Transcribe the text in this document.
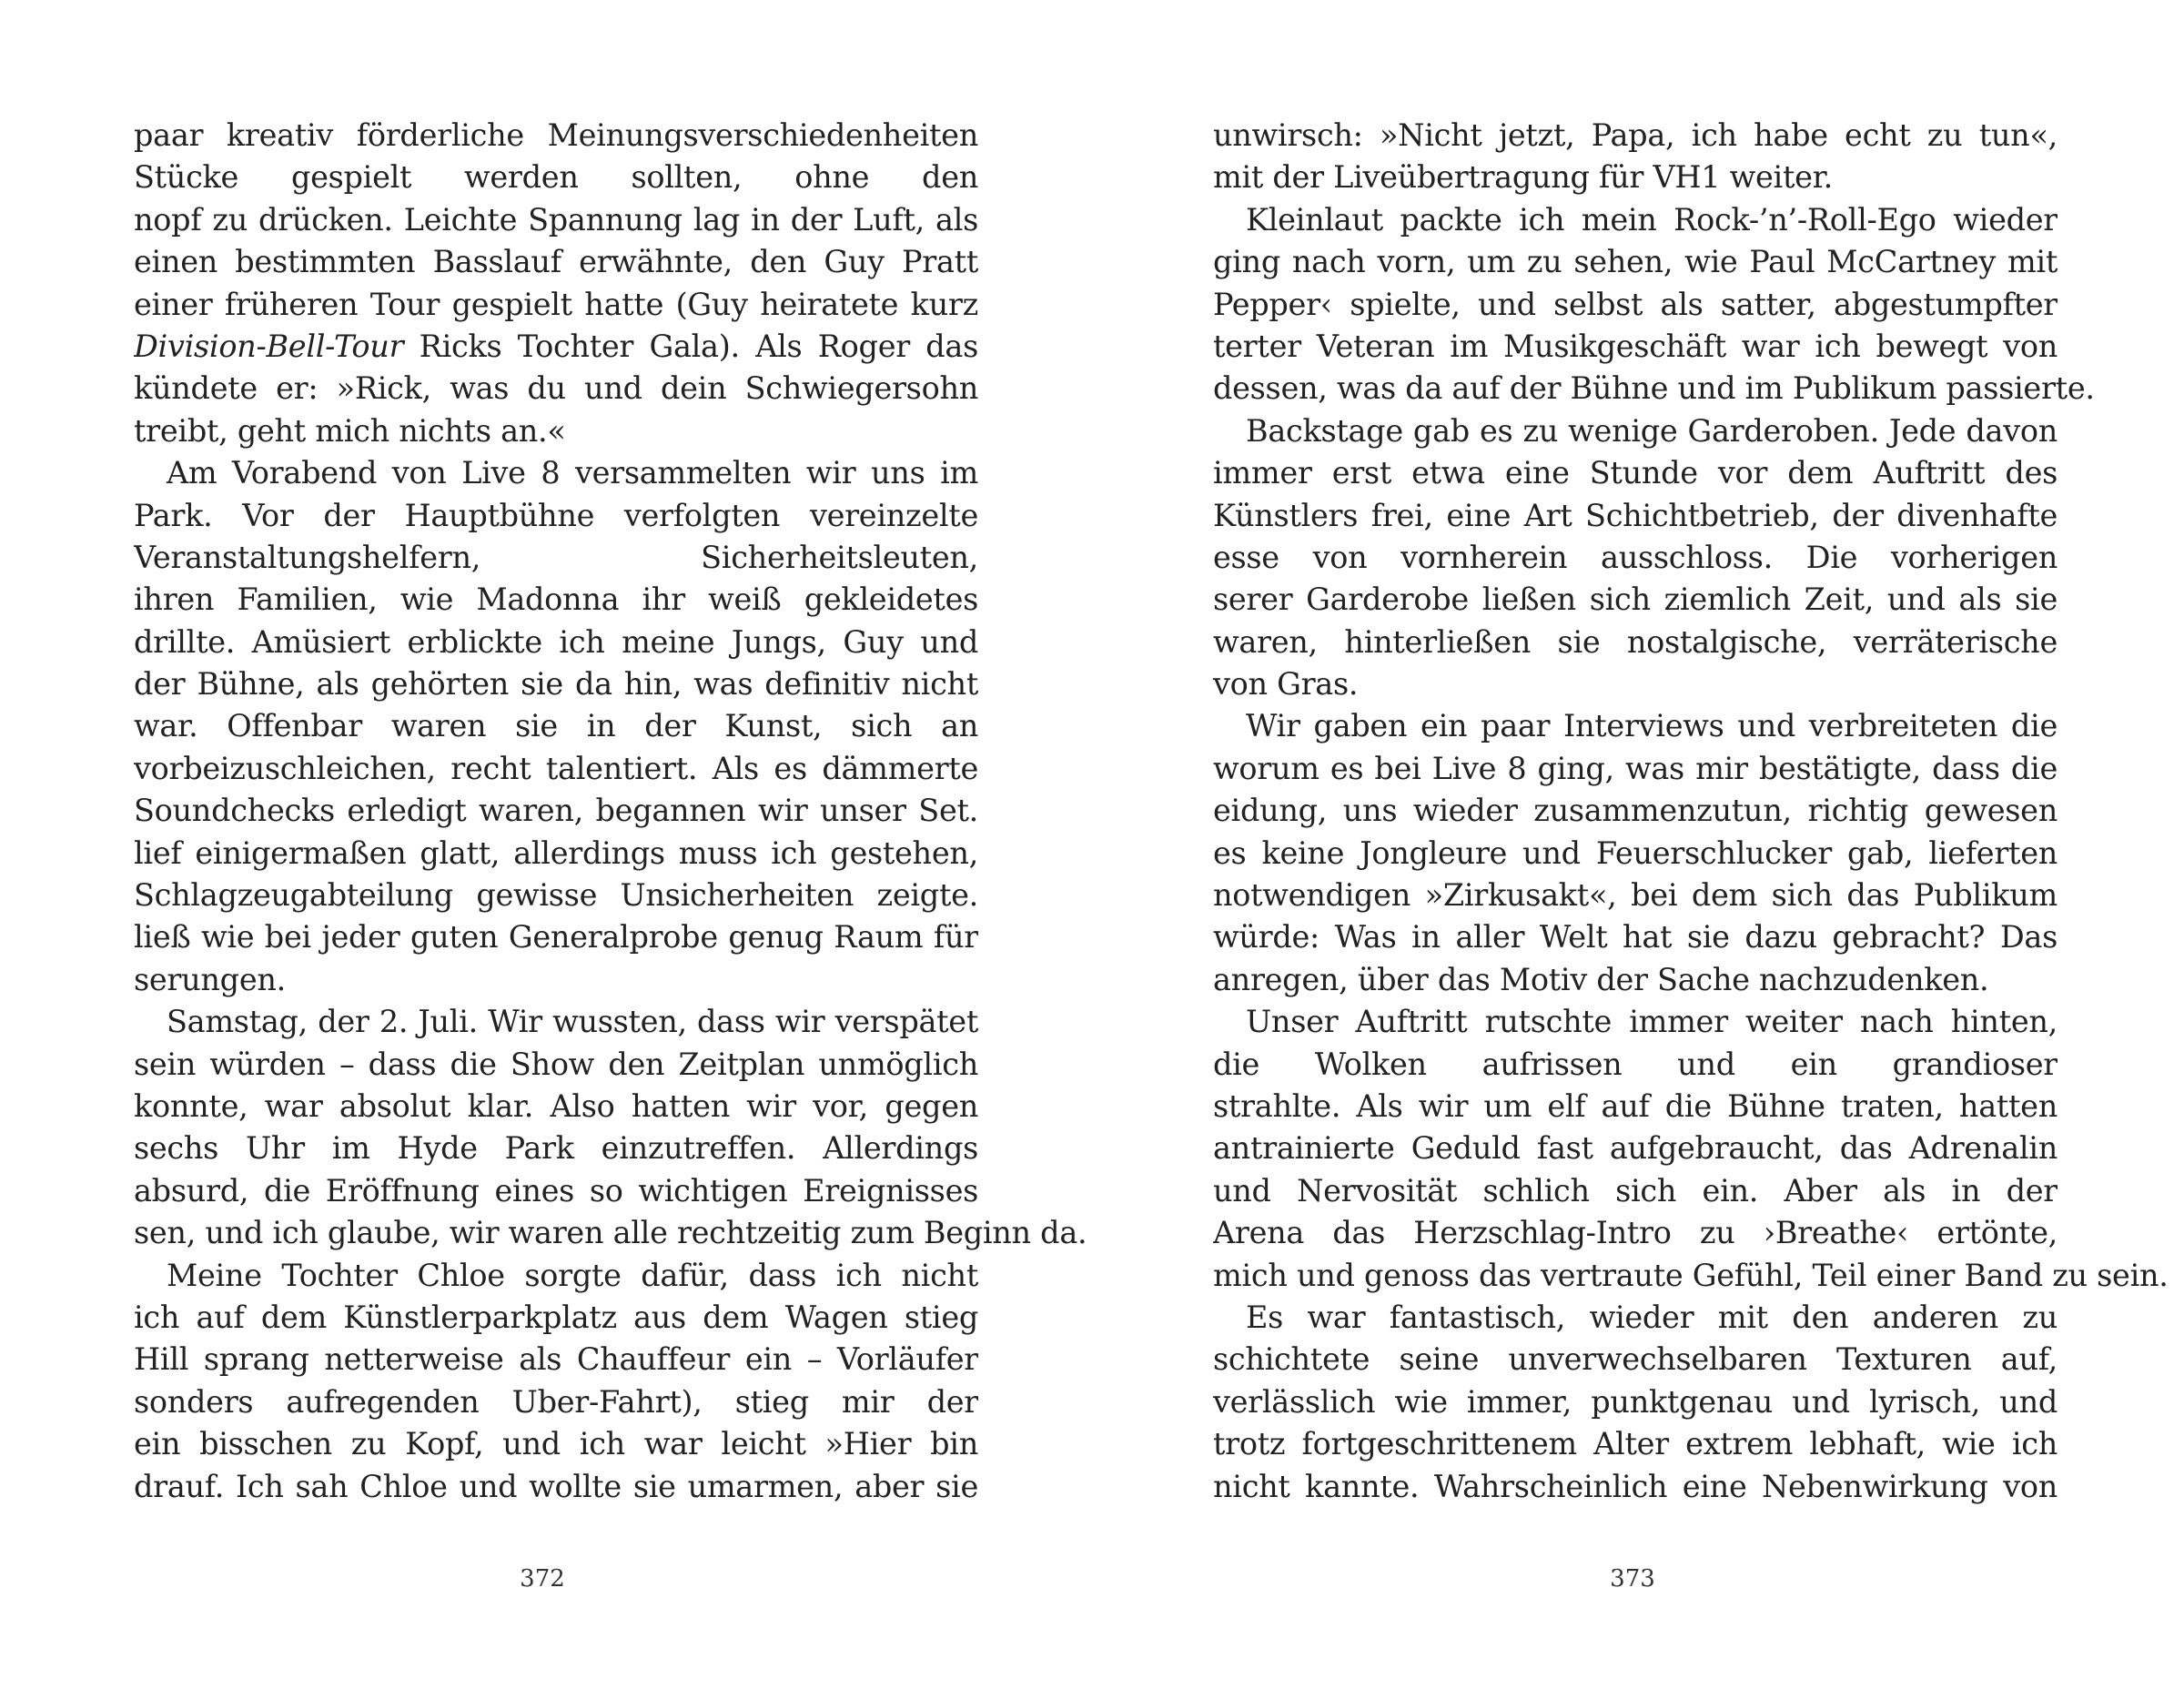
paar kreativ förderliche Meinungsverschiedenheiten
Stücke gespielt werden sollten, ohne den
nopf zu drücken. Leichte Spannung lag in der Luft, als
einen bestimmten Basslauf erwähnte, den Guy Pratt
einer früheren Tour gespielt hatte (Guy heiratete kurz
Division-Bell-Tour Ricks Tochter Gala). Als Roger das
kündete er: »Rick, was du und dein Schwiegersohn
treibt, geht mich nichts an.«
Am Vorabend von Live 8 versammelten wir uns im
Park. Vor der Hauptbühne verfolgten vereinzelte
Veranstaltungshelfern, Sicherheitsleuten,
ihren Familien, wie Madonna ihr weiß gekleidetes
drillte. Amüsiert erblickte ich meine Jungs, Guy und
der Bühne, als gehörten sie da hin, was definitiv nicht
war. Offenbar waren sie in der Kunst, sich an
vorbeizuschleichen, recht talentiert. Als es dämmerte
Soundchecks erledigt waren, begannen wir unser Set.
lief einigermaßen glatt, allerdings muss ich gestehen,
Schlagzeugabteilung gewisse Unsicherheiten zeigte.
ließ wie bei jeder guten Generalprobe genug Raum für
serungen.
Samstag, der 2. Juli. Wir wussten, dass wir verspätet
sein würden – dass die Show den Zeitplan unmöglich
konnte, war absolut klar. Also hatten wir vor, gegen
sechs Uhr im Hyde Park einzutreffen. Allerdings
absurd, die Eröffnung eines so wichtigen Ereignisses
sen, und ich glaube, wir waren alle rechtzeitig zum Beginn da.
Meine Tochter Chloe sorgte dafür, dass ich nicht
ich auf dem Künstlerparkplatz aus dem Wagen stieg
Hill sprang netterweise als Chauffeur ein – Vorläufer
sonders aufregenden Uber-Fahrt), stieg mir der
ein bisschen zu Kopf, und ich war leicht »Hier bin
drauf. Ich sah Chloe und wollte sie umarmen, aber sie
372
unwirsch: »Nicht jetzt, Papa, ich habe echt zu tun«,
mit der Liveübertragung für VH1 weiter.
Kleinlaut packte ich mein Rock-’n’-Roll-Ego wieder
ging nach vorn, um zu sehen, wie Paul McCartney mit
Pepper‹ spielte, und selbst als satter, abgestumpfter
terter Veteran im Musikgeschäft war ich bewegt von
dessen, was da auf der Bühne und im Publikum passierte.
Backstage gab es zu wenige Garderoben. Jede davon
immer erst etwa eine Stunde vor dem Auftritt des
Künstlers frei, eine Art Schichtbetrieb, der divenhafte
esse von vornherein ausschloss. Die vorherigen
serer Garderobe ließen sich ziemlich Zeit, und als sie
waren, hinterließen sie nostalgische, verräterische
von Gras.
Wir gaben ein paar Interviews und verbreiteten die
worum es bei Live 8 ging, was mir bestätigte, dass die
eidung, uns wieder zusammenzutun, richtig gewesen
es keine Jongleure und Feuerschlucker gab, lieferten
notwendigen »Zirkusakt«, bei dem sich das Publikum
würde: Was in aller Welt hat sie dazu gebracht? Das
anregen, über das Motiv der Sache nachzudenken.
Unser Auftritt rutschte immer weiter nach hinten,
die Wolken aufrissen und ein grandioser
strahlte. Als wir um elf auf die Bühne traten, hatten
antrainierte Geduld fast aufgebraucht, das Adrenalin
und Nervosität schlich sich ein. Aber als in der
Arena das Herzschlag-Intro zu ›Breathe‹ ertönte,
mich und genoss das vertraute Gefühl, Teil einer Band zu sein.
Es war fantastisch, wieder mit den anderen zu
schichtete seine unverwechselbaren Texturen auf,
verlässlich wie immer, punktgenau und lyrisch, und
trotz fortgeschrittenem Alter extrem lebhaft, wie ich
nicht kannte. Wahrscheinlich eine Nebenwirkung von
373
